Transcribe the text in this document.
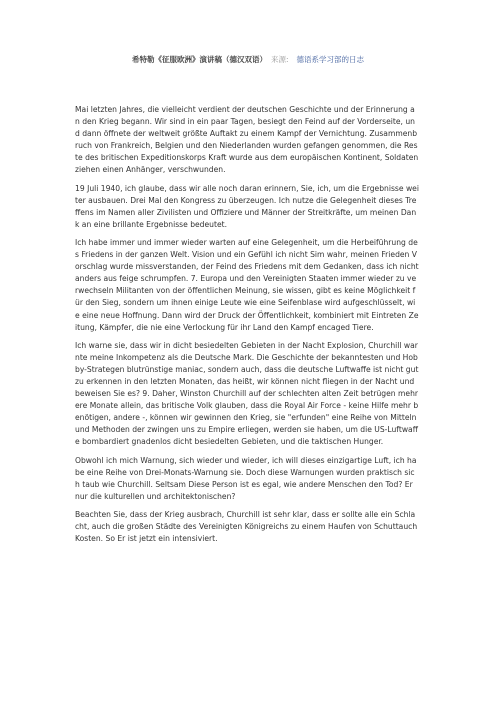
希特勒《征服欧洲》演讲稿（德汉双语） 来源: 德语系学习部的日志

Mai letzten Jahres, die vielleicht verdient der deutschen Geschichte und der Erinnerung an den Krieg begann. Wir sind in ein paar Tagen, besiegt den Feind auf der Vorderseite, und dann öffnete der weltweit größte Auftakt zu einem Kampf der Vernichtung. Zusammenbruch von Frankreich, Belgien und den Niederlanden wurden gefangen genommen, die Reste des britischen Expeditionskorps Kraft wurde aus dem europäischen Kontinent, Soldaten ziehen einen Anhänger, verschwunden.

19 Juli 1940, ich glaube, dass wir alle noch daran erinnern, Sie, ich, um die Ergebnisse weiter ausbauen. Drei Mal den Kongress zu überzeugen. Ich nutze die Gelegenheit dieses Treffens im Namen aller Zivilisten und Offiziere und Männer der Streitkräfte, um meinen Dank an eine brillante Ergebnisse bedeutet.

Ich habe immer und immer wieder warten auf eine Gelegenheit, um die Herbeiführung des Friedens in der ganzen Welt. Vision und ein Gefühl ich nicht Sim wahr, meinen Frieden Vorschlag wurde missverstanden, der Feind des Friedens mit dem Gedanken, dass ich nicht anders aus feige schrumpfen. 7. Europa und den Vereinigten Staaten immer wieder zu verwechseln Militanten von der öffentlichen Meinung, sie wissen, gibt es keine Möglichkeit für den Sieg, sondern um ihnen einige Leute wie eine Seifenblase wird aufgeschlüsselt, wie eine neue Hoffnung. Dann wird der Druck der Öffentlichkeit, kombiniert mit Eintreten Zeitung, Kämpfer, die nie eine Verlockung für ihr Land den Kampf encaged Tiere.

Ich warne sie, dass wir in dicht besiedelten Gebieten in der Nacht Explosion, Churchill warnte meine Inkompetenz als die Deutsche Mark. Die Geschichte der bekanntesten und Hobby-Strategen blutrünstige maniac, sondern auch, dass die deutsche Luftwaffe ist nicht gut zu erkennen in den letzten Monaten, das heißt, wir können nicht fliegen in der Nacht und beweisen Sie es? 9. Daher, Winston Churchill auf der schlechten alten Zeit betrügen mehrere Monate allein, das britische Volk glauben, dass die Royal Air Force - keine Hilfe mehr benötigen, andere -, können wir gewinnen den Krieg, sie "erfunden" eine Reihe von Mitteln und Methoden der zwingen uns zu Empire erliegen, werden sie haben, um die US-Luftwaffe bombardiert gnadenlos dicht besiedelten Gebieten, und die taktischen Hunger.

Obwohl ich mich Warnung, sich wieder und wieder, ich will dieses einzigartige Luft, ich habe eine Reihe von Drei-Monats-Warnung sie. Doch diese Warnungen wurden praktisch sich taub wie Churchill. Seltsam Diese Person ist es egal, wie andere Menschen den Tod? Er nur die kulturellen und architektonischen?

Beachten Sie, dass der Krieg ausbrach, Churchill ist sehr klar, dass er sollte alle ein Schlacht, auch die großen Städte des Vereinigten Königreichs zu einem Haufen von Schuttauch Kosten. So Er ist jetzt ein intensiviert.
